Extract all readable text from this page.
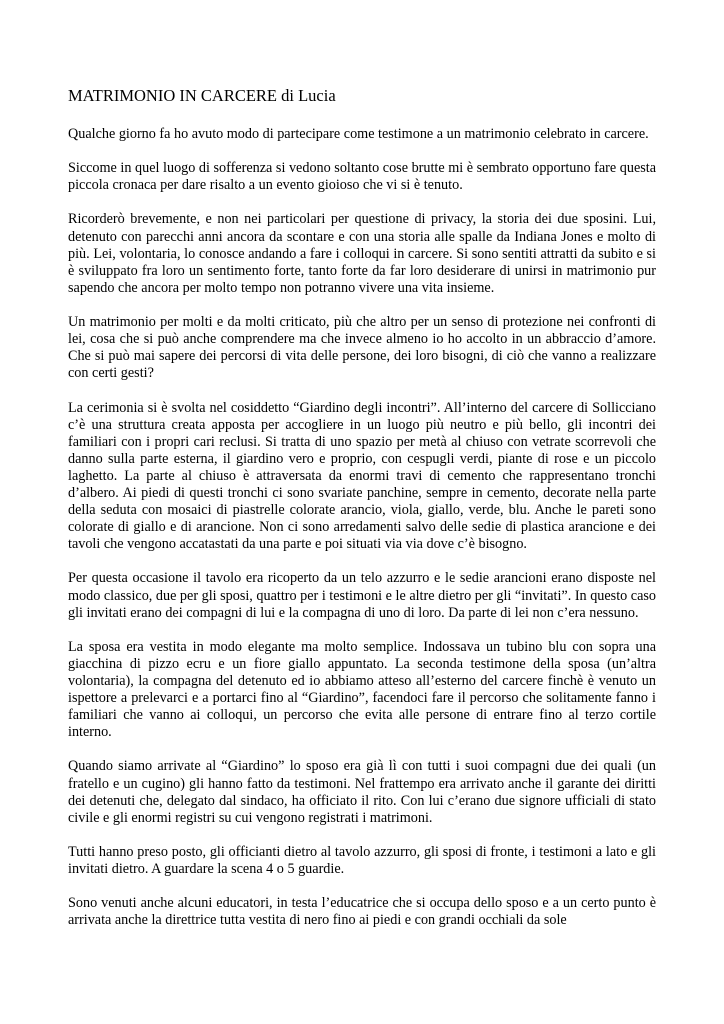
MATRIMONIO IN CARCERE di Lucia

Qualche giorno fa ho avuto modo di partecipare come testimone a un matrimonio celebrato in carcere.

Siccome in quel luogo di sofferenza si vedono soltanto cose brutte mi è sembrato opportuno fare questa piccola cronaca per dare risalto a un evento gioioso che vi si è tenuto.

Ricorderò brevemente, e non nei particolari per questione di privacy, la storia dei due sposini. Lui, detenuto con parecchi anni ancora da scontare e con una storia alle spalle da Indiana Jones e molto di più. Lei, volontaria, lo conosce andando a fare i colloqui in carcere. Si sono sentiti attratti da subito e si è sviluppato fra loro un sentimento forte, tanto forte da far loro desiderare di unirsi in matrimonio pur sapendo che ancora per molto tempo non potranno vivere una vita insieme.

Un matrimonio per molti e da molti criticato, più che altro per un senso di protezione nei confronti di lei, cosa che si può anche comprendere ma che invece almeno io ho accolto in un abbraccio d’amore. Che si può mai sapere dei percorsi di vita delle persone, dei loro bisogni, di ciò che vanno a realizzare con certi gesti?

La cerimonia si è svolta nel cosiddetto “Giardino degli incontri”. All’interno del carcere di Sollicciano c’è una struttura creata apposta per accogliere in un luogo più neutro e più bello, gli incontri dei familiari con i propri cari reclusi. Si tratta di uno spazio per metà al chiuso con vetrate scorrevoli che danno sulla parte esterna, il giardino vero e proprio, con cespugli verdi, piante di rose e un piccolo laghetto. La parte al chiuso è attraversata da enormi travi di cemento che rappresentano tronchi d’albero. Ai piedi di questi tronchi ci sono svariate panchine, sempre in cemento, decorate nella parte della seduta con mosaici di piastrelle colorate arancio, viola, giallo, verde, blu. Anche le pareti sono colorate di giallo e di arancione. Non ci sono arredamenti salvo delle sedie di plastica arancione e dei tavoli che vengono accatastati da una parte e poi situati via via dove c’è bisogno.

Per questa occasione il tavolo era ricoperto da un telo azzurro e le sedie arancioni erano disposte nel modo classico, due per gli sposi, quattro per i testimoni e le altre dietro per gli “invitati”. In questo caso gli invitati erano dei compagni di lui e la compagna di uno di loro. Da parte di lei non c’era nessuno.

La sposa era vestita in modo elegante ma molto semplice. Indossava un tubino blu con sopra una giacchina di pizzo ecru e un fiore giallo appuntato. La seconda testimone della sposa (un’altra volontaria), la compagna del detenuto ed io abbiamo atteso all’esterno del carcere finchè è venuto un ispettore a prelevarci e a portarci fino al “Giardino”, facendoci fare il percorso che solitamente fanno i familiari che vanno ai colloqui, un percorso che evita alle persone di entrare fino al terzo cortile interno.

Quando siamo arrivate al “Giardino” lo sposo era già lì con tutti i suoi compagni due dei quali (un fratello e un cugino) gli hanno fatto da testimoni. Nel frattempo era arrivato anche il garante dei diritti dei detenuti che, delegato dal sindaco, ha officiato il rito. Con lui c’erano due signore ufficiali di stato civile e gli enormi registri su cui vengono registrati i matrimoni.

Tutti hanno preso posto, gli officianti dietro al tavolo azzurro, gli sposi di fronte, i testimoni a lato e gli invitati dietro. A guardare la scena 4 o 5 guardie.

Sono venuti anche alcuni educatori, in testa l’educatrice che si occupa dello sposo e a un certo punto è arrivata anche la direttrice tutta vestita di nero fino ai piedi e con grandi occhiali da sole
